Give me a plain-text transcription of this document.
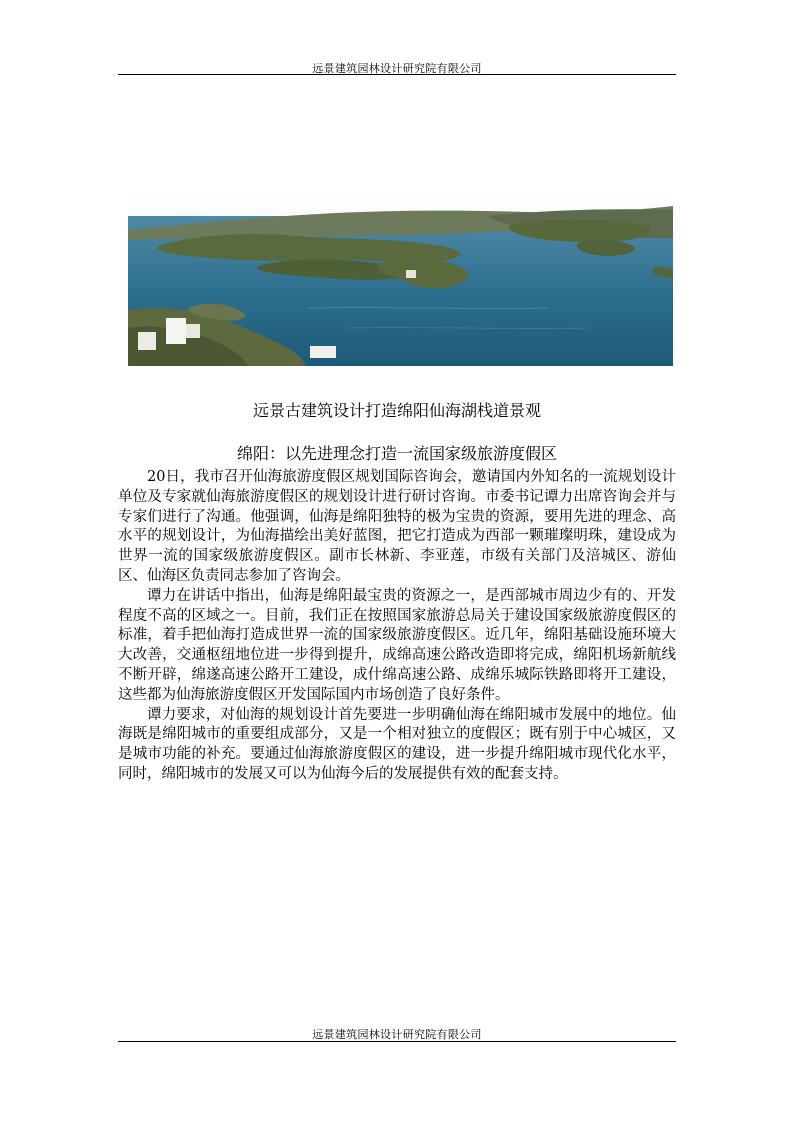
远景建筑园林设计研究院有限公司
远景古建筑设计打造绵阳仙海湖栈道景观
绵阳：以先进理念打造一流国家级旅游度假区

20日，我市召开仙海旅游度假区规划国际咨询会，邀请国内外知名的一流规划设计单位及专家就仙海旅游度假区的规划设计进行研讨咨询。市委书记谭力出席咨询会并与专家们进行了沟通。他强调，仙海是绵阳独特的极为宝贵的资源，要用先进的理念、高水平的规划设计，为仙海描绘出美好蓝图，把它打造成为西部一颗璀璨明珠，建设成为世界一流的国家级旅游度假区。副市长林新、李亚莲，市级有关部门及涪城区、游仙区、仙海区负责同志参加了咨询会。

谭力在讲话中指出，仙海是绵阳最宝贵的资源之一，是西部城市周边少有的、开发程度不高的区域之一。目前，我们正在按照国家旅游总局关于建设国家级旅游度假区的标准，着手把仙海打造成世界一流的国家级旅游度假区。近几年，绵阳基础设施环境大大改善，交通枢纽地位进一步得到提升，成绵高速公路改造即将完成，绵阳机场新航线不断开辟，绵遂高速公路开工建设，成什绵高速公路、成绵乐城际铁路即将开工建设，这些都为仙海旅游度假区开发国际国内市场创造了良好条件。

谭力要求，对仙海的规划设计首先要进一步明确仙海在绵阳城市发展中的地位。仙海既是绵阳城市的重要组成部分，又是一个相对独立的度假区；既有别于中心城区，又是城市功能的补充。要通过仙海旅游度假区的建设，进一步提升绵阳城市现代化水平，同时，绵阳城市的发展又可以为仙海今后的发展提供有效的配套支持。

远景建筑园林设计研究院有限公司
